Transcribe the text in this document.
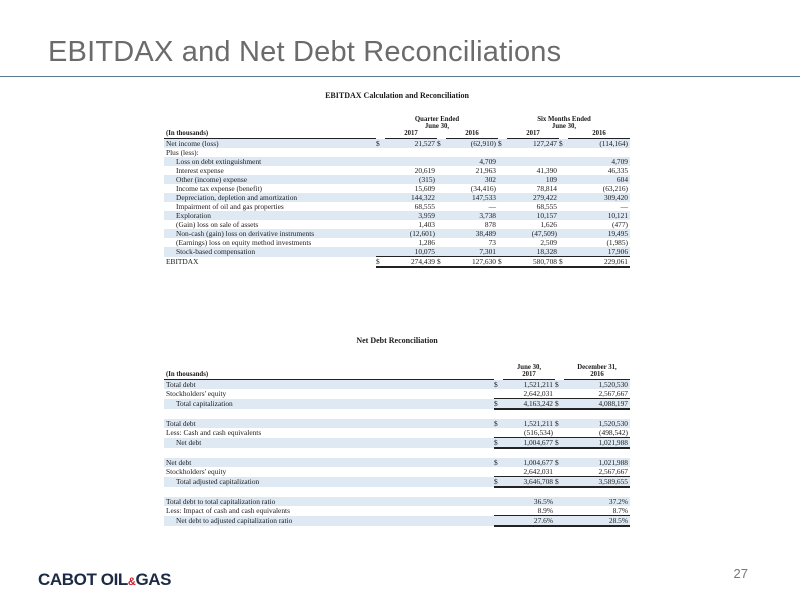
EBITDAX and Net Debt Reconciliations
EBITDAX Calculation and Reconciliation
	Quarter Ended				Six Months Ended			
	June 30,				June 30,			
(In thousands)		2017		2016		2017		2016
Net income (loss)	$	21,527	$	(62,910)	$	127,247	$	(114,164)
Plus (less):								
Loss on debt extinguishment				4,709				4,709
Interest expense		20,619		21,963		41,390		46,335
Other (income) expense		(315)		302		109		604
Income tax expense (benefit)		15,609		(34,416)		78,814		(63,216)
Depreciation, depletion and amortization		144,322		147,533		279,422		309,420
Impairment of oil and gas properties		68,555		—		68,555		—
Exploration		3,959		3,738		10,157		10,121
(Gain) loss on sale of assets		1,403		878		1,626		(477)
Non-cash (gain) loss on derivative instruments		(12,601)		38,489		(47,509)		19,495
(Earnings) loss on equity method investments		1,286		73		2,509		(1,985)
Stock-based compensation		10,075		7,301		18,328		17,906
EBITDAX	$	274,439	$	127,630	$	580,708	$	229,061
Net Debt Reconciliation
		June 30,		December 31,
(In thousands)		2017		2016
Total debt	$	1,521,211	$	1,520,530
Stockholders' equity		2,642,031		2,567,667
Total capitalization	$	4,163,242	$	4,088,197

Total debt	$	1,521,211	$	1,520,530
Less: Cash and cash equivalents		(516,534)		(498,542)
Net debt	$	1,004,677	$	1,021,988

Net debt	$	1,004,677	$	1,021,988
Stockholders' equity		2,642,031		2,567,667
Total adjusted capitalization	$	3,646,708	$	3,589,655

Total debt to total capitalization ratio		36.5%		37.2%
Less: Impact of cash and cash equivalents		8.9%		8.7%
Net debt to adjusted capitalization ratio		27.6%		28.5%
CABOT OIL&GAS	27
